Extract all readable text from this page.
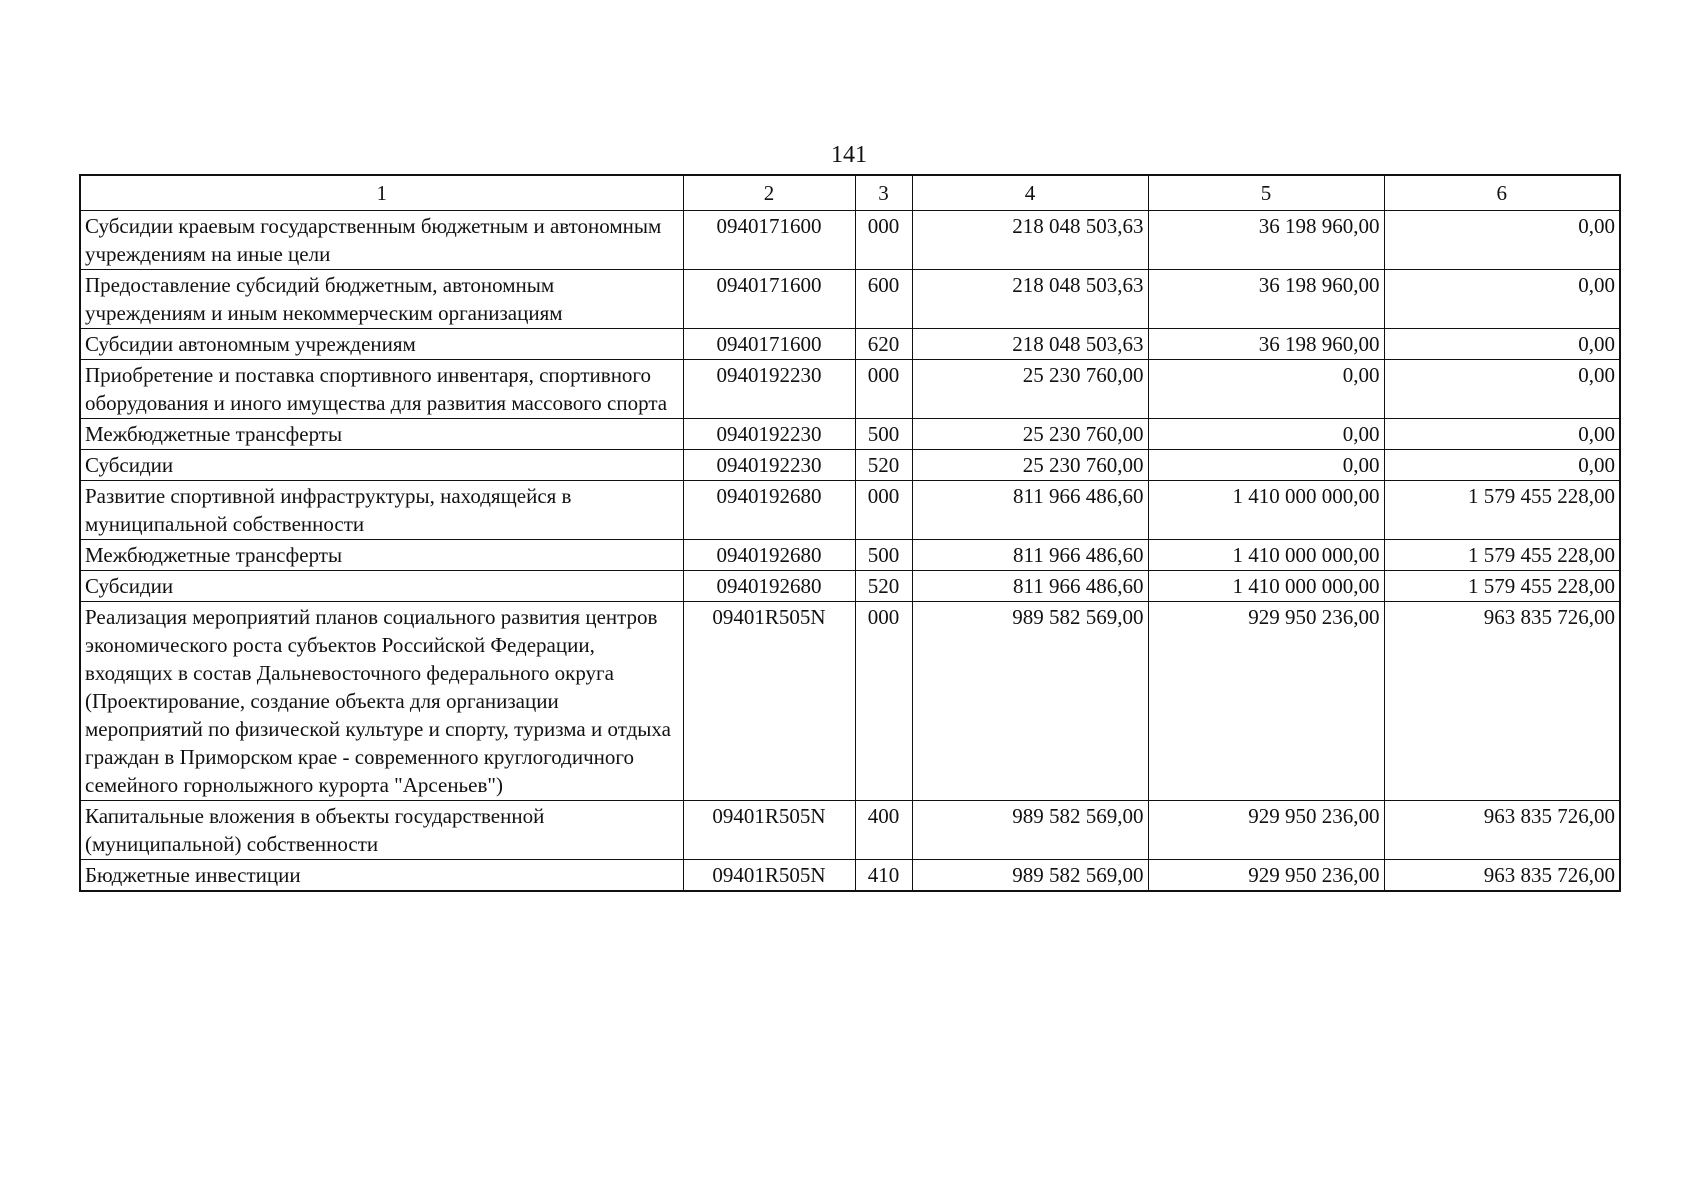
141
1	2	3	4	5	6
Субсидии краевым государственным бюджетным и автономным учреждениям на иные цели	0940171600	000	218 048 503,63	36 198 960,00	0,00
Предоставление субсидий бюджетным, автономным учреждениям и иным некоммерческим организациям	0940171600	600	218 048 503,63	36 198 960,00	0,00
Субсидии автономным учреждениям	0940171600	620	218 048 503,63	36 198 960,00	0,00
Приобретение и поставка спортивного инвентаря, спортивного оборудования и иного имущества для развития массового спорта	0940192230	000	25 230 760,00	0,00	0,00
Межбюджетные трансферты	0940192230	500	25 230 760,00	0,00	0,00
Субсидии	0940192230	520	25 230 760,00	0,00	0,00
Развитие спортивной инфраструктуры, находящейся в муниципальной собственности	0940192680	000	811 966 486,60	1 410 000 000,00	1 579 455 228,00
Межбюджетные трансферты	0940192680	500	811 966 486,60	1 410 000 000,00	1 579 455 228,00
Субсидии	0940192680	520	811 966 486,60	1 410 000 000,00	1 579 455 228,00
Реализация мероприятий планов социального развития центров экономического роста субъектов Российской Федерации, входящих в состав Дальневосточного федерального округа (Проектирование, создание объекта для организации мероприятий по физической культуре и спорту, туризма и отдыха граждан в Приморском крае - современного круглогодичного семейного горнолыжного курорта "Арсеньев")	09401R505N	000	989 582 569,00	929 950 236,00	963 835 726,00
Капитальные вложения в объекты государственной (муниципальной) собственности	09401R505N	400	989 582 569,00	929 950 236,00	963 835 726,00
Бюджетные инвестиции	09401R505N	410	989 582 569,00	929 950 236,00	963 835 726,00
